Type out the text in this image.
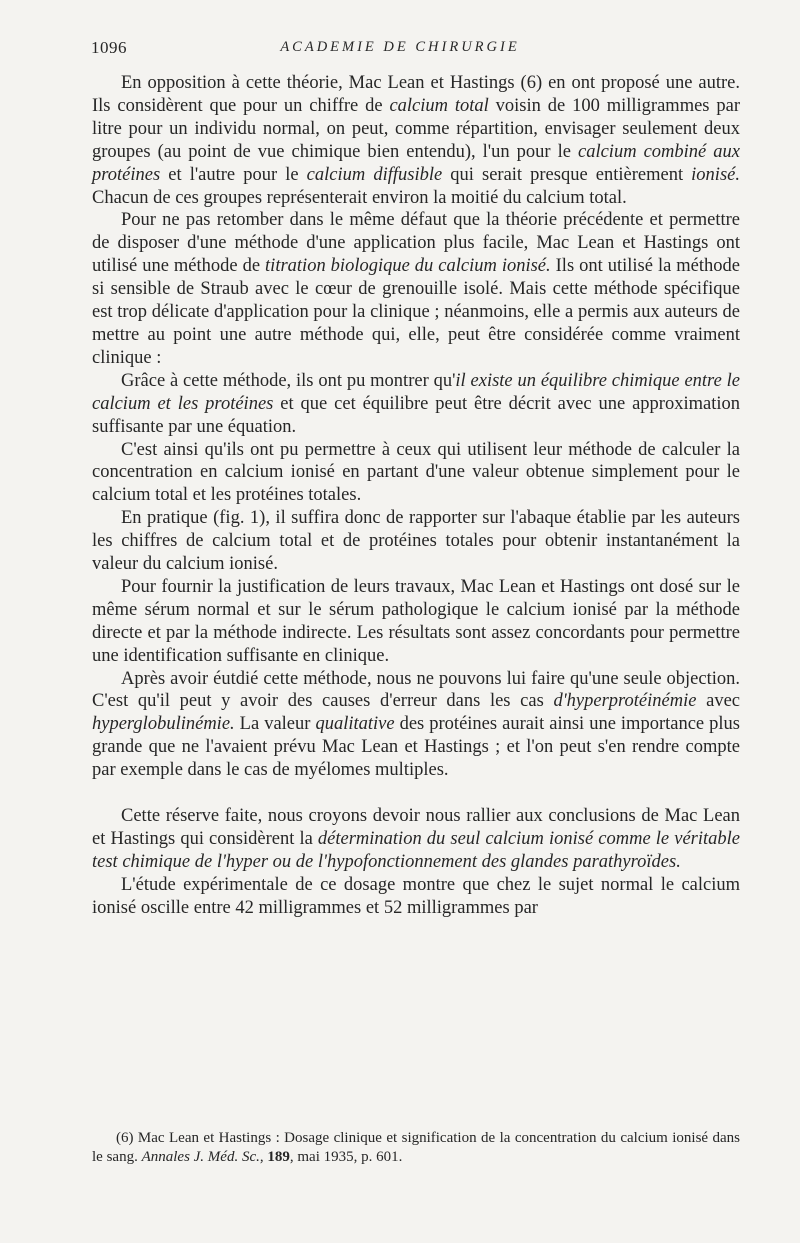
1096	ACADEMIE DE CHIRURGIE

En opposition à cette théorie, Mac Lean et Hastings (6) en ont proposé une autre. Ils considèrent que pour un chiffre de calcium total voisin de 100 milligrammes par litre pour un individu normal, on peut, comme répartition, envisager seulement deux groupes (au point de vue chimique bien entendu), l'un pour le calcium combiné aux protéines et l'autre pour le calcium diffusible qui serait presque entièrement ionisé. Chacun de ces groupes représenterait environ la moitié du calcium total.

Pour ne pas retomber dans le même défaut que la théorie précédente et permettre de disposer d'une méthode d'une application plus facile, Mac Lean et Hastings ont utilisé une méthode de titration biologique du calcium ionisé. Ils ont utilisé la méthode si sensible de Straub avec le cœur de grenouille isolé. Mais cette méthode spécifique est trop délicate d'application pour la clinique ; néanmoins, elle a permis aux auteurs de mettre au point une autre méthode qui, elle, peut être considérée comme vraiment clinique :

Grâce à cette méthode, ils ont pu montrer qu'il existe un équilibre chimique entre le calcium et les protéines et que cet équilibre peut être décrit avec une approximation suffisante par une équation.

C'est ainsi qu'ils ont pu permettre à ceux qui utilisent leur méthode de calculer la concentration en calcium ionisé en partant d'une valeur obtenue simplement pour le calcium total et les protéines totales.

En pratique (fig. 1), il suffira donc de rapporter sur l'abaque établie par les auteurs les chiffres de calcium total et de protéines totales pour obtenir instantanément la valeur du calcium ionisé.

Pour fournir la justification de leurs travaux, Mac Lean et Hastings ont dosé sur le même sérum normal et sur le sérum pathologique le calcium ionisé par la méthode directe et par la méthode indirecte. Les résultats sont assez concordants pour permettre une identification suffisante en clinique.

Après avoir éutdié cette méthode, nous ne pouvons lui faire qu'une seule objection. C'est qu'il peut y avoir des causes d'erreur dans les cas d'hyperprotéinémie avec hyperglobulinémie. La valeur qualitative des protéines aurait ainsi une importance plus grande que ne l'avaient prévu Mac Lean et Hastings ; et l'on peut s'en rendre compte par exemple dans le cas de myélomes multiples.

Cette réserve faite, nous croyons devoir nous rallier aux conclusions de Mac Lean et Hastings qui considèrent la détermination du seul calcium ionisé comme le véritable test chimique de l'hyper ou de l'hypofonctionnement des glandes parathyroïdes.

L'étude expérimentale de ce dosage montre que chez le sujet normal le calcium ionisé oscille entre 42 milligrammes et 52 milligrammes par

(6) Mac Lean et Hastings : Dosage clinique et signification de la concentration du calcium ionisé dans le sang. Annales J. Méd. Sc., 189, mai 1935, p. 601.
